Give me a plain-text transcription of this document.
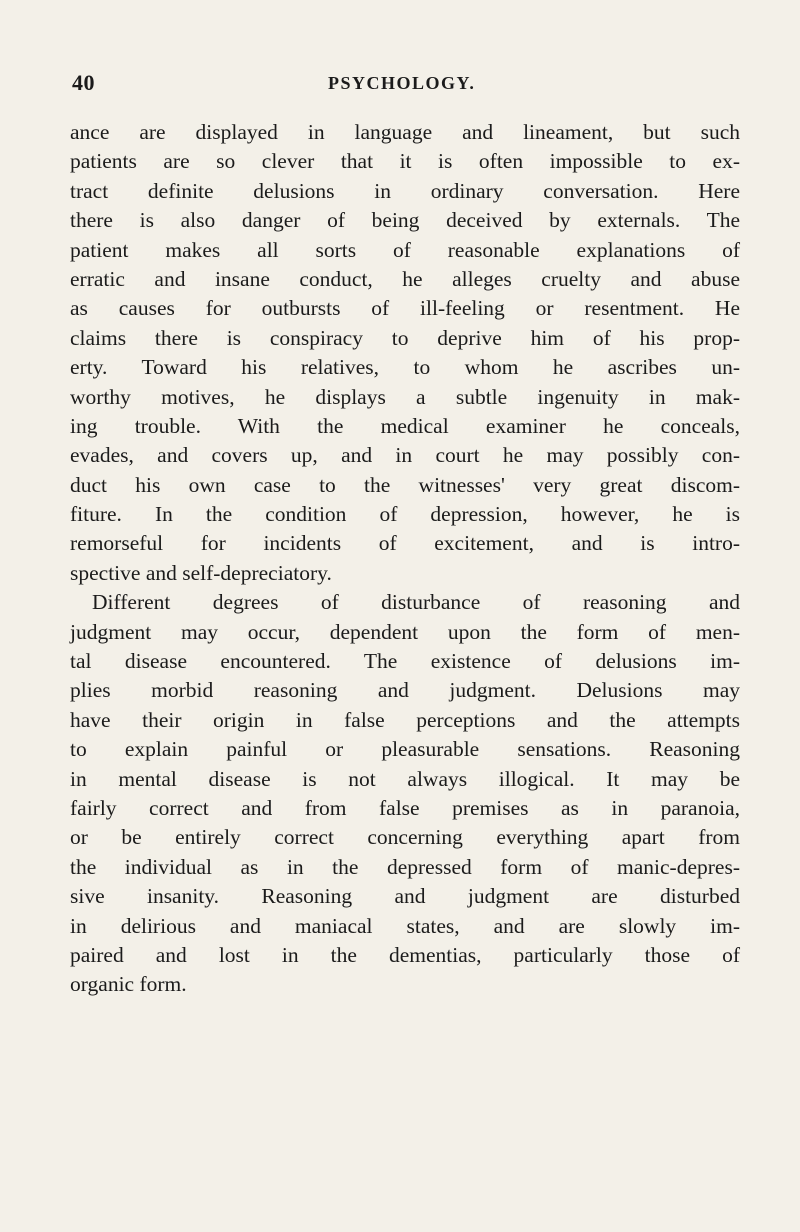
40	PSYCHOLOGY.
ance are displayed in language and lineament, but such
patients are so clever that it is often impossible to ex-
tract definite delusions in ordinary conversation. Here
there is also danger of being deceived by externals. The
patient makes all sorts of reasonable explanations of
erratic and insane conduct, he alleges cruelty and abuse
as causes for outbursts of ill-feeling or resentment. He
claims there is conspiracy to deprive him of his prop-
erty. Toward his relatives, to whom he ascribes un-
worthy motives, he displays a subtle ingenuity in mak-
ing trouble. With the medical examiner he conceals,
evades, and covers up, and in court he may possibly con-
duct his own case to the witnesses' very great discom-
fiture. In the condition of depression, however, he is
remorseful for incidents of excitement, and is intro-
spective and self-depreciatory.
Different degrees of disturbance of reasoning and
judgment may occur, dependent upon the form of men-
tal disease encountered. The existence of delusions im-
plies morbid reasoning and judgment. Delusions may
have their origin in false perceptions and the attempts
to explain painful or pleasurable sensations. Reasoning
in mental disease is not always illogical. It may be
fairly correct and from false premises as in paranoia,
or be entirely correct concerning everything apart from
the individual as in the depressed form of manic-depres-
sive insanity. Reasoning and judgment are disturbed
in delirious and maniacal states, and are slowly im-
paired and lost in the dementias, particularly those of
organic form.
